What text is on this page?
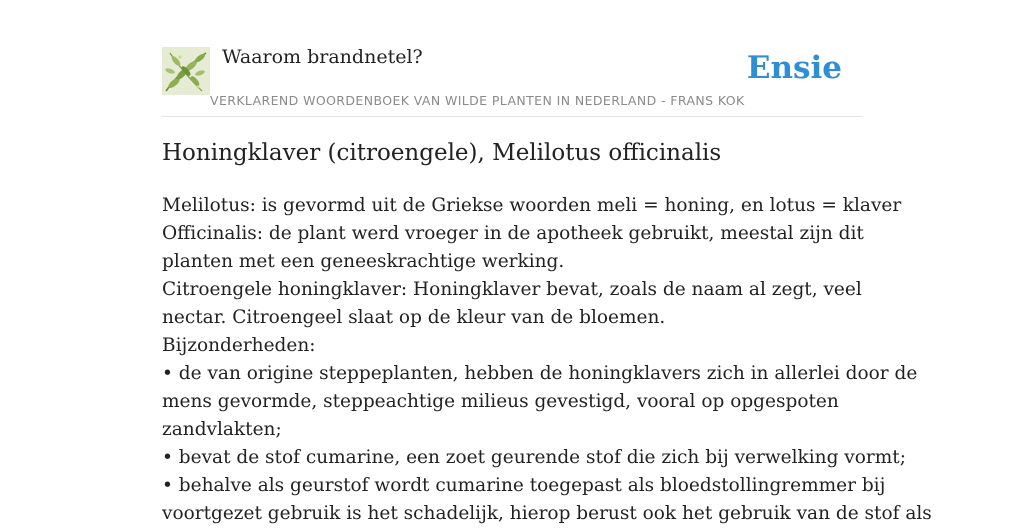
Waarom brandnetel?
VERKLAREND WOORDENBOEK VAN WILDE PLANTEN IN NEDERLAND - FRANS KOK
Ensie
Honingklaver (citroengele), Melilotus officinalis
Melilotus: is gevormd uit de Griekse woorden meli = honing, en lotus = klaver
Officinalis: de plant werd vroeger in de apotheek gebruikt, meestal zijn dit
planten met een geneeskrachtige werking.
Citroengele honingklaver: Honingklaver bevat, zoals de naam al zegt, veel
nectar. Citroengeel slaat op de kleur van de bloemen.
Bijzonderheden:
• de van origine steppeplanten, hebben de honingklavers zich in allerlei door de
mens gevormde, steppeachtige milieus gevestigd, vooral op opgespoten
zandvlakten;
• bevat de stof cumarine, een zoet geurende stof die zich bij verwelking vormt;
• behalve als geurstof wordt cumarine toegepast als bloedstollingremmer bij
voortgezet gebruik is het schadelijk, hierop berust ook het gebruik van de stof als
